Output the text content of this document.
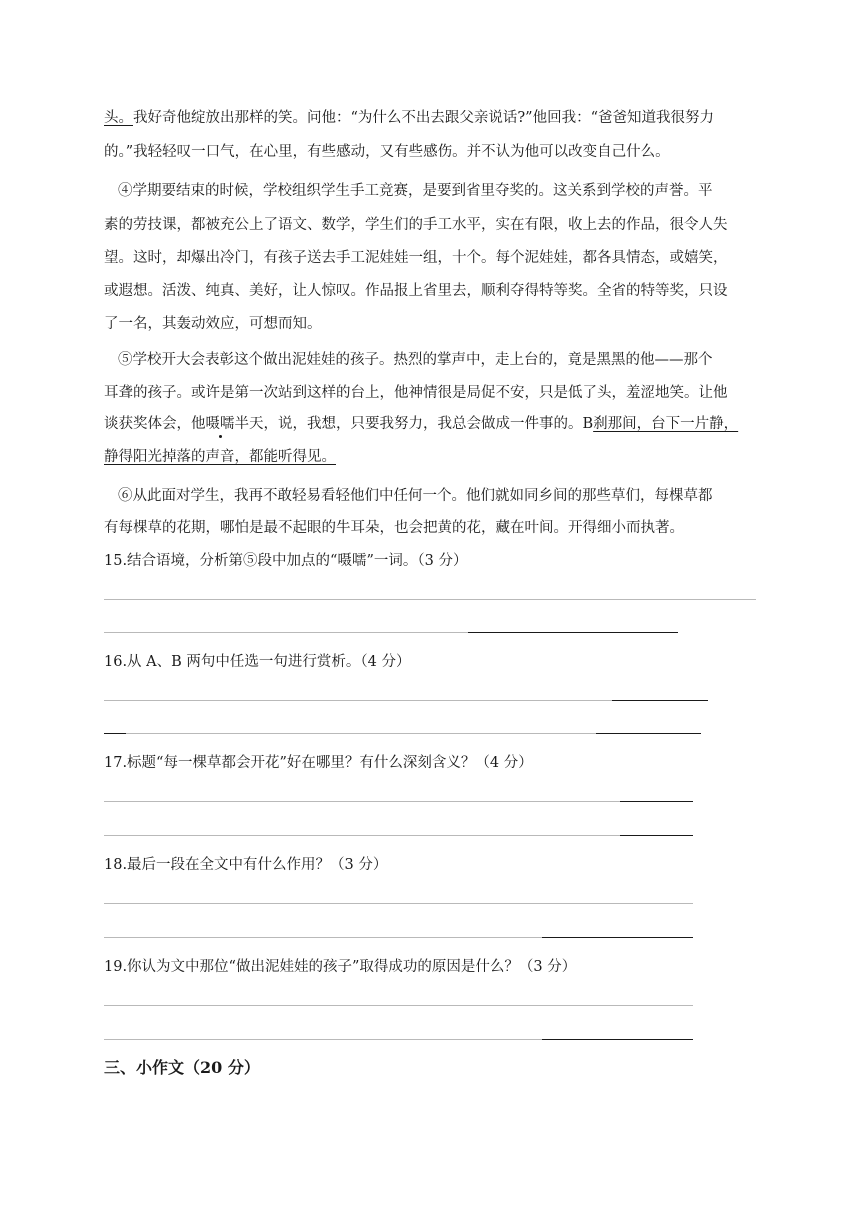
头。我好奇他绽放出那样的笑。问他：“为什么不出去跟父亲说话?”他回我：“爸爸知道我很努力
的。”我轻轻叹一口气，在心里，有些感动，又有些感伤。并不认为他可以改变自己什么。
④学期要结束的时候，学校组织学生手工竞赛，是要到省里夺奖的。这关系到学校的声誉。平
素的劳技课，都被充公上了语文、数学，学生们的手工水平，实在有限，收上去的作品，很令人失
望。这时，却爆出冷门，有孩子送去手工泥娃娃一组，十个。每个泥娃娃，都各具情态，或嬉笑，
或遐想。活泼、纯真、美好，让人惊叹。作品报上省里去，顺利夺得特等奖。全省的特等奖，只设
了一名，其轰动效应，可想而知。
⑤学校开大会表彰这个做出泥娃娃的孩子。热烈的掌声中，走上台的，竟是黑黑的他——那个
耳聋的孩子。或许是第一次站到这样的台上，他神情很是局促不安，只是低了头，羞涩地笑。让他
谈获奖体会，他嗫嚅半天，说，我想，只要我努力，我总会做成一件事的。B刹那间，台下一片静，
静得阳光掉落的声音，都能听得见。
⑥从此面对学生，我再不敢轻易看轻他们中任何一个。他们就如同乡间的那些草们，每棵草都
有每棵草的花期，哪怕是最不起眼的牛耳朵，也会把黄的花，藏在叶间。开得细小而执著。
15.结合语境，分析第⑤段中加点的“嗫嚅”一词。（3 分）
16.从 A、B 两句中任选一句进行赏析。（4 分）
17.标题“每一棵草都会开花”好在哪里？有什么深刻含义？（4 分）
18.最后一段在全文中有什么作用？（3 分）
19.你认为文中那位“做出泥娃娃的孩子”取得成功的原因是什么？（3 分）
三、小作文（20 分）
